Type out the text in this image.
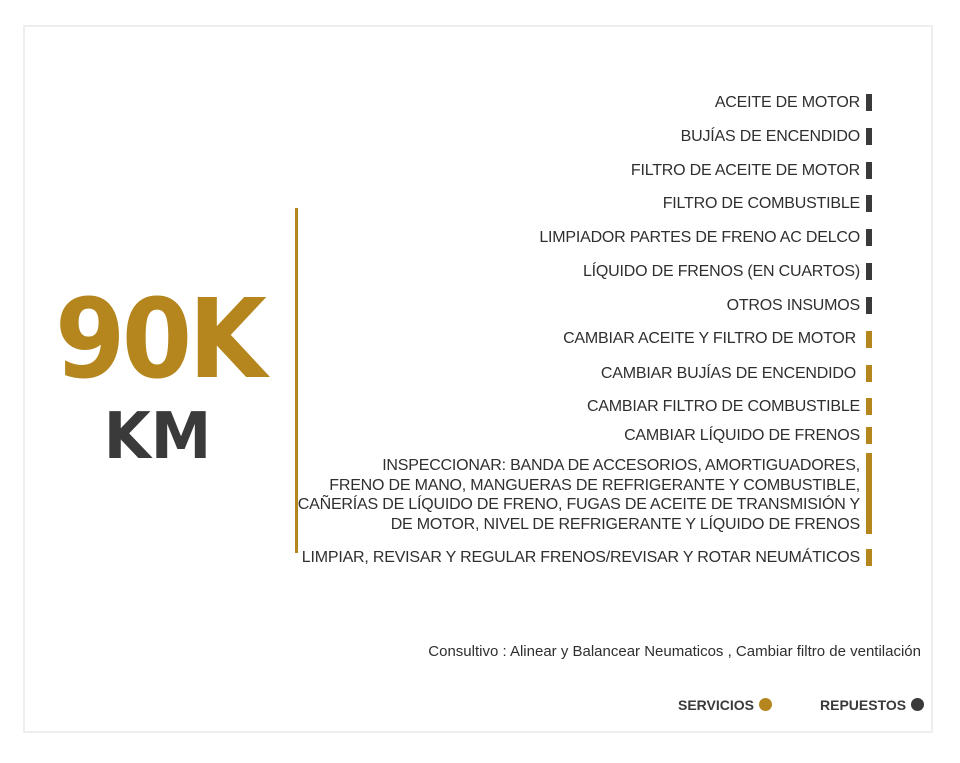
90K
KM
ACEITE DE MOTOR
BUJÍAS DE ENCENDIDO
FILTRO DE ACEITE DE MOTOR
FILTRO DE COMBUSTIBLE
LIMPIADOR PARTES DE FRENO AC DELCO
LÍQUIDO DE FRENOS (EN CUARTOS)
OTROS INSUMOS
CAMBIAR ACEITE Y FILTRO DE MOTOR
CAMBIAR BUJÍAS DE ENCENDIDO
CAMBIAR FILTRO DE COMBUSTIBLE
CAMBIAR LÍQUIDO DE FRENOS
INSPECCIONAR: BANDA DE ACCESORIOS, AMORTIGUADORES,
FRENO DE MANO, MANGUERAS DE REFRIGERANTE Y COMBUSTIBLE,
CAÑERÍAS DE LÍQUIDO DE FRENO, FUGAS DE ACEITE DE TRANSMISIÓN Y
DE MOTOR, NIVEL DE REFRIGERANTE Y LÍQUIDO DE FRENOS
LIMPIAR, REVISAR Y REGULAR FRENOS/REVISAR Y ROTAR NEUMÁTICOS
Consultivo : Alinear y Balancear Neumaticos , Cambiar filtro de ventilación
SERVICIOS	REPUESTOS
